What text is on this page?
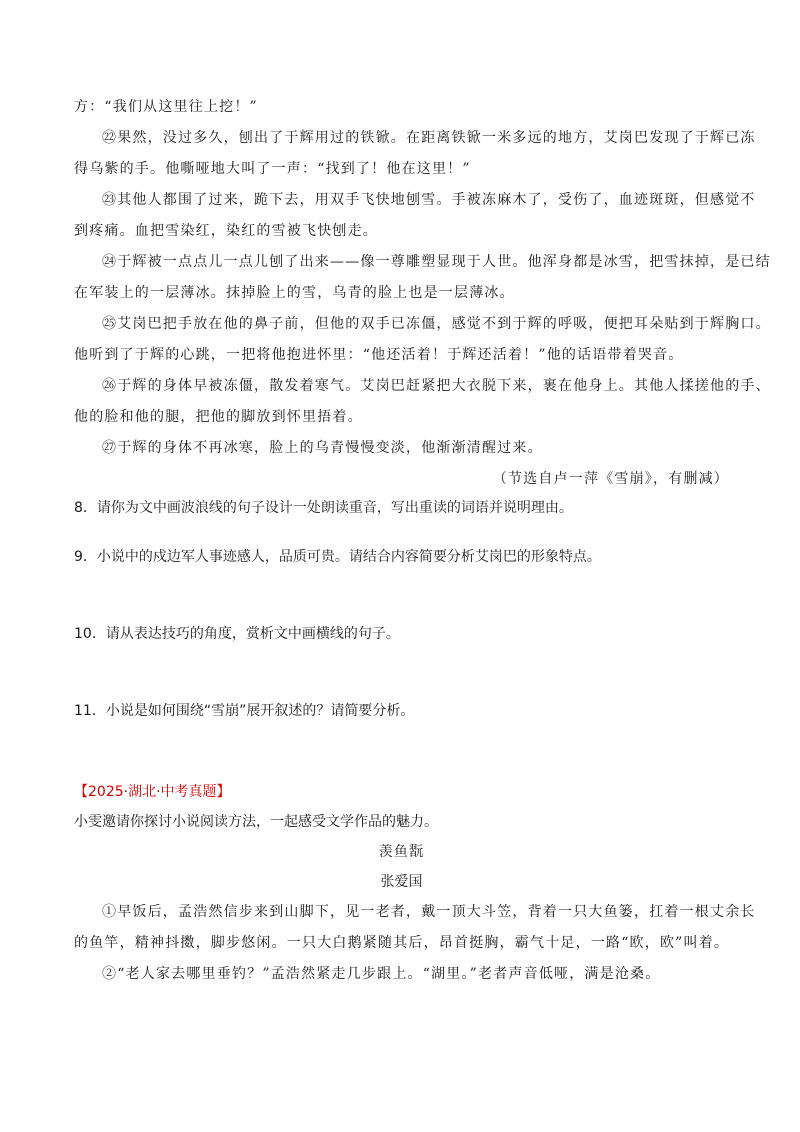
方：“我们从这里往上挖！”

㉒果然，没过多久，刨出了于辉用过的铁锨。在距离铁锨一米多远的地方，艾岗巴发现了于辉已冻

得乌紫的手。他嘶哑地大叫了一声：“找到了！他在这里！”

㉓其他人都围了过来，跪下去，用双手飞快地刨雪。手被冻麻木了，受伤了，血迹斑斑，但感觉不

到疼痛。血把雪染红，染红的雪被飞快刨走。

㉔于辉被一点点儿一点儿刨了出来——像一尊雕塑显现于人世。他浑身都是冰雪，把雪抹掉，是已结

在军装上的一层薄冰。抹掉脸上的雪，乌青的脸上也是一层薄冰。

㉕艾岗巴把手放在他的鼻子前，但他的双手已冻僵，感觉不到于辉的呼吸，便把耳朵贴到于辉胸口。

他听到了于辉的心跳，一把将他抱进怀里：“他还活着！于辉还活着！”他的话语带着哭音。

㉖于辉的身体早被冻僵，散发着寒气。艾岗巴赶紧把大衣脱下来，裹在他身上。其他人揉搓他的手、

他的脸和他的腿，把他的脚放到怀里捂着。

㉗于辉的身体不再冰寒，脸上的乌青慢慢变淡，他渐渐清醒过来。

（节选自卢一萍《雪崩》，有删减）

8．请你为文中画波浪线的句子设计一处朗读重音，写出重读的词语并说明理由。

9．小说中的戍边军人事迹感人，品质可贵。请结合内容简要分析艾岗巴的形象特点。

10．请从表达技巧的角度，赏析文中画横线的句子。

11．小说是如何围绕“雪崩”展开叙述的？请简要分析。

【2025·湖北·中考真题】

小雯邀请你探讨小说阅读方法，一起感受文学作品的魅力。

羡鱼翫

张爱国

①早饭后，孟浩然信步来到山脚下，见一老者，戴一顶大斗笠，背着一只大鱼篓，扛着一根丈余长

的鱼竿，精神抖擞，脚步悠闲。一只大白鹅紧随其后，昂首挺胸，霸气十足，一路“欧，欧”叫着。

②“老人家去哪里垂钓？”孟浩然紧走几步跟上。“湖里。”老者声音低哑，满是沧桑。
